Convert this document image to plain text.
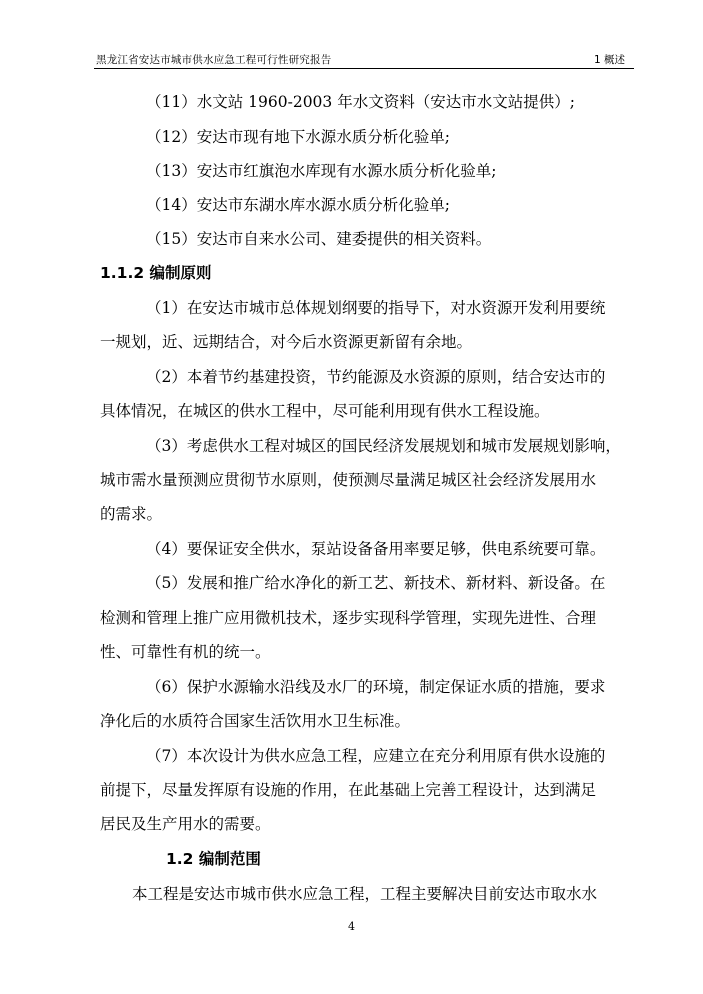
黑龙江省安达市城市供水应急工程可行性研究报告	1 概述
（11）水文站 1960-2003 年水文资料（安达市水文站提供）;
（12）安达市现有地下水源水质分析化验单;
（13）安达市红旗泡水库现有水源水质分析化验单;
（14）安达市东湖水库水源水质分析化验单;
（15）安达市自来水公司、建委提供的相关资料。
1.1.2 编制原则
（1）在安达市城市总体规划纲要的指导下，对水资源开发利用要统
一规划，近、远期结合，对今后水资源更新留有余地。
（2）本着节约基建投资，节约能源及水资源的原则，结合安达市的
具体情况，在城区的供水工程中，尽可能利用现有供水工程设施。
（3）考虑供水工程对城区的国民经济发展规划和城市发展规划影响，
城市需水量预测应贯彻节水原则，使预测尽量满足城区社会经济发展用水
的需求。
（4）要保证安全供水，泵站设备备用率要足够，供电系统要可靠。
（5）发展和推广给水净化的新工艺、新技术、新材料、新设备。在
检测和管理上推广应用微机技术，逐步实现科学管理，实现先进性、合理
性、可靠性有机的统一。
（6）保护水源输水沿线及水厂的环境，制定保证水质的措施，要求
净化后的水质符合国家生活饮用水卫生标准。
（7）本次设计为供水应急工程，应建立在充分利用原有供水设施的
前提下，尽量发挥原有设施的作用，在此基础上完善工程设计，达到满足
居民及生产用水的需要。
1.2 编制范围
本工程是安达市城市供水应急工程，工程主要解决目前安达市取水水
4
